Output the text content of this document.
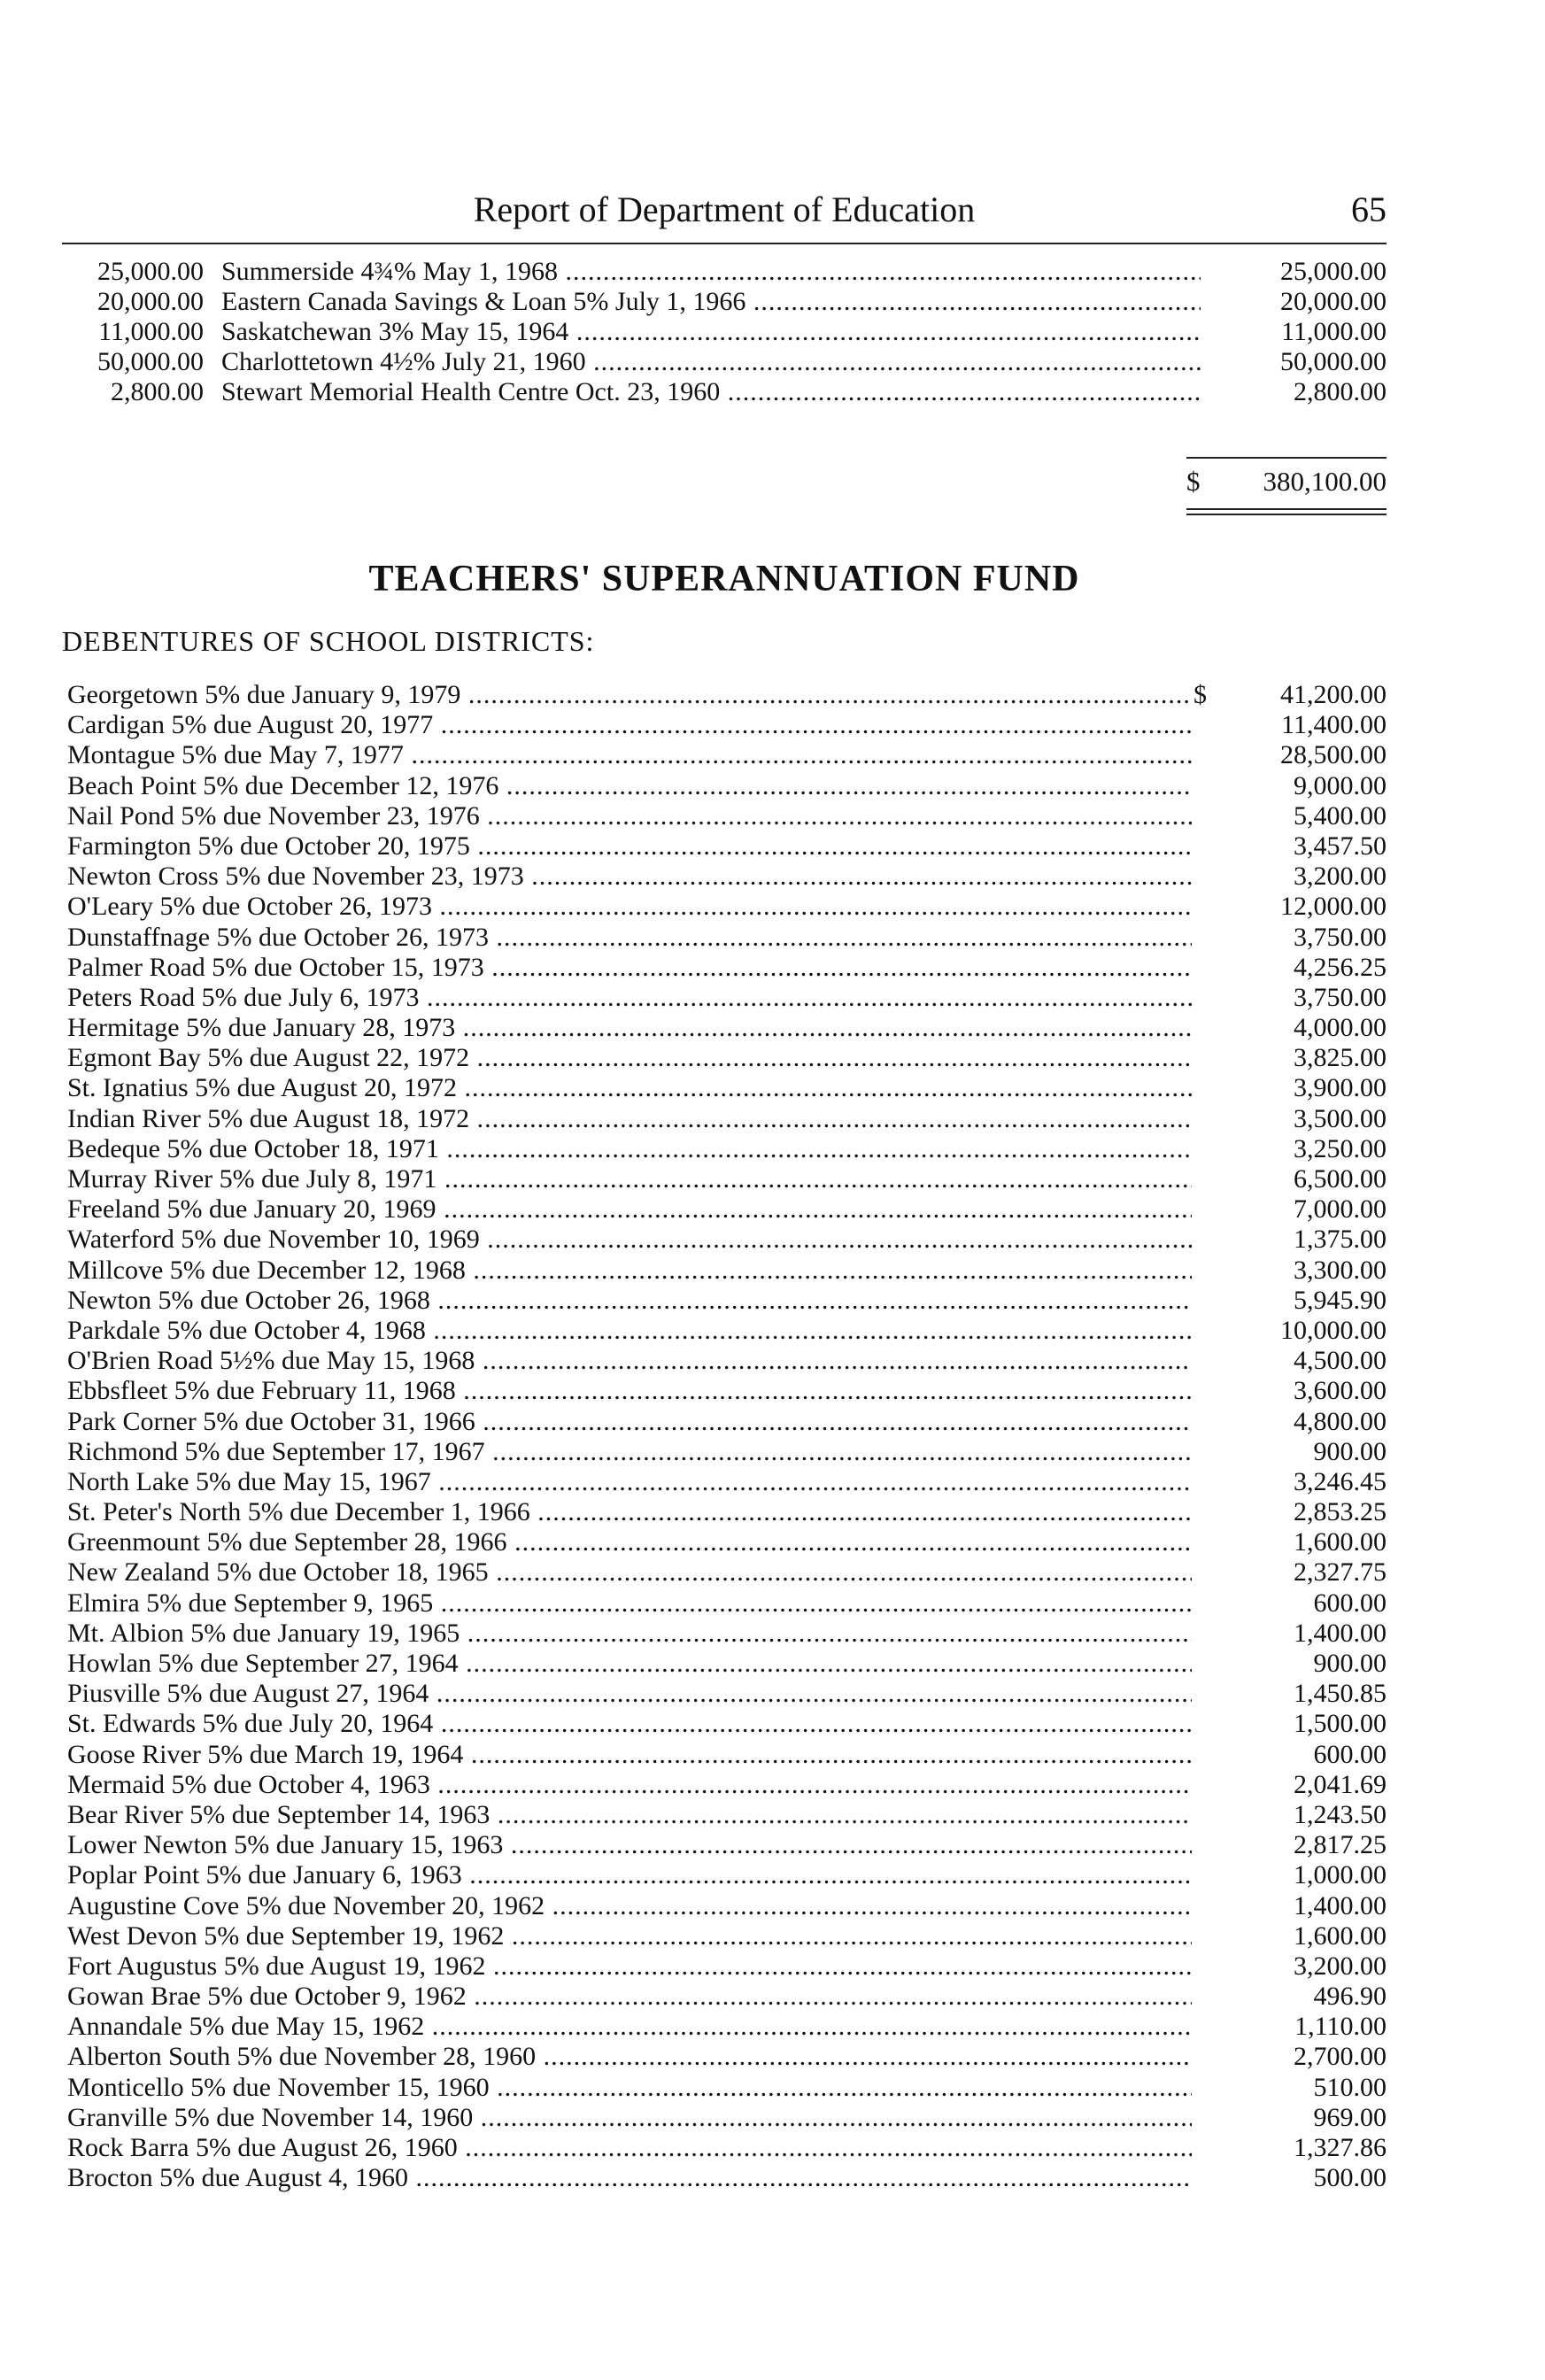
Report of Department of Education	65
25,000.00 Summerside 4¾% May 1, 1968 .....	25,000.00
20,000.00 Eastern Canada Savings & Loan 5% July 1, 1966 .....	20,000.00
11,000.00 Saskatchewan 3% May 15, 1964 .....	11,000.00
50,000.00 Charlottetown 4½% July 21, 1960 .....	50,000.00
2,800.00 Stewart Memorial Health Centre Oct. 23, 1960 .....	2,800.00
$ 380,100.00
TEACHERS' SUPERANNUATION FUND
DEBENTURES OF SCHOOL DISTRICTS:
Georgetown 5% due January 9, 1979 .....	$	41,200.00
Cardigan 5% due August 20, 1977 .....	11,400.00
Montague 5% due May 7, 1977 .....	28,500.00
Beach Point 5% due December 12, 1976 .....	9,000.00
Nail Pond 5% due November 23, 1976 .....	5,400.00
Farmington 5% due October 20, 1975 .....	3,457.50
Newton Cross 5% due November 23, 1973 .....	3,200.00
O'Leary 5% due October 26, 1973 .....	12,000.00
Dunstaffnage 5% due October 26, 1973 .....	3,750.00
Palmer Road 5% due October 15, 1973 .....	4,256.25
Peters Road 5% due July 6, 1973 .....	3,750.00
Hermitage 5% due January 28, 1973 .....	4,000.00
Egmont Bay 5% due August 22, 1972 .....	3,825.00
St. Ignatius 5% due August 20, 1972 .....	3,900.00
Indian River 5% due August 18, 1972 .....	3,500.00
Bedeque 5% due October 18, 1971 .....	3,250.00
Murray River 5% due July 8, 1971 .....	6,500.00
Freeland 5% due January 20, 1969 .....	7,000.00
Waterford 5% due November 10, 1969 .....	1,375.00
Millcove 5% due December 12, 1968 .....	3,300.00
Newton 5% due October 26, 1968 .....	5,945.90
Parkdale 5% due October 4, 1968 .....	10,000.00
O'Brien Road 5½% due May 15, 1968 .....	4,500.00
Ebbsfleet 5% due February 11, 1968 .....	3,600.00
Park Corner 5% due October 31, 1966 .....	4,800.00
Richmond 5% due September 17, 1967 .....	900.00
North Lake 5% due May 15, 1967 .....	3,246.45
St. Peter's North 5% due December 1, 1966 .....	2,853.25
Greenmount 5% due September 28, 1966 .....	1,600.00
New Zealand 5% due October 18, 1965 .....	2,327.75
Elmira 5% due September 9, 1965 .....	600.00
Mt. Albion 5% due January 19, 1965 .....	1,400.00
Howlan 5% due September 27, 1964 .....	900.00
Piusville 5% due August 27, 1964 .....	1,450.85
St. Edwards 5% due July 20, 1964 .....	1,500.00
Goose River 5% due March 19, 1964 .....	600.00
Mermaid 5% due October 4, 1963 .....	2,041.69
Bear River 5% due September 14, 1963 .....	1,243.50
Lower Newton 5% due January 15, 1963 .....	2,817.25
Poplar Point 5% due January 6, 1963 .....	1,000.00
Augustine Cove 5% due November 20, 1962 .....	1,400.00
West Devon 5% due September 19, 1962 .....	1,600.00
Fort Augustus 5% due August 19, 1962 .....	3,200.00
Gowan Brae 5% due October 9, 1962 .....	496.90
Annandale 5% due May 15, 1962 .....	1,110.00
Alberton South 5% due November 28, 1960 .....	2,700.00
Monticello 5% due November 15, 1960 .....	510.00
Granville 5% due November 14, 1960 .....	969.00
Rock Barra 5% due August 26, 1960 .....	1,327.86
Brocton 5% due August 4, 1960 .....	500.00
